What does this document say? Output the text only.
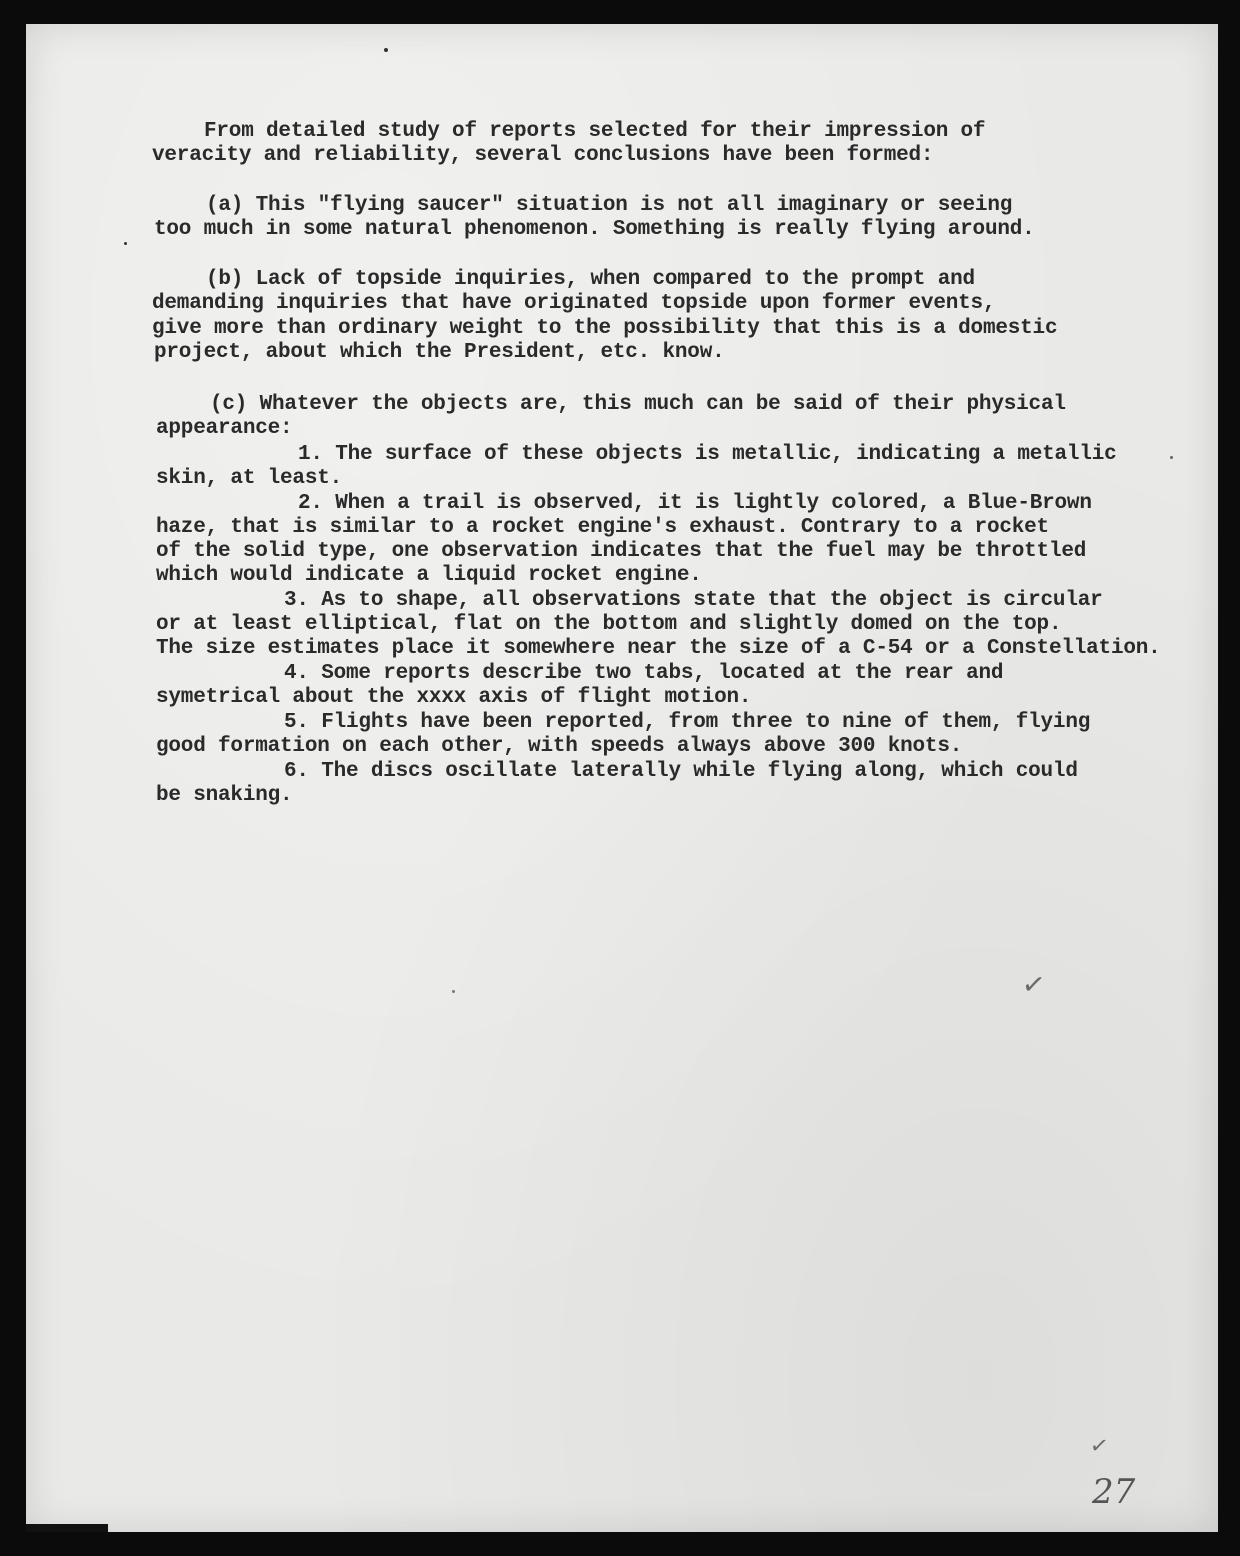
From detailed study of reports selected for their impression of

veracity and reliability, several conclusions have been formed:

(a) This "flying saucer" situation is not all imaginary or seeing

too much in some natural phenomenon. Something is really flying around.

(b) Lack of topside inquiries, when compared to the prompt and

demanding inquiries that have originated topside upon former events,

give more than ordinary weight to the possibility that this is a domestic

project, about which the President, etc. know.

(c) Whatever the objects are, this much can be said of their physical

appearance:

1. The surface of these objects is metallic, indicating a metallic

skin, at least.

2. When a trail is observed, it is lightly colored, a Blue-Brown

haze, that is similar to a rocket engine's exhaust. Contrary to a rocket

of the solid type, one observation indicates that the fuel may be throttled

which would indicate a liquid rocket engine.

3. As to shape, all observations state that the object is circular

or at least elliptical, flat on the bottom and slightly domed on the top.

The size estimates place it somewhere near the size of a C-54 or a Constellation.

4. Some reports describe two tabs, located at the rear and

symetrical about the xxxx axis of flight motion.

5. Flights have been reported, from three to nine of them, flying

good formation on each other, with speeds always above 300 knots.

6. The discs oscillate laterally while flying along, which could

be snaking.

✓
✓
27
